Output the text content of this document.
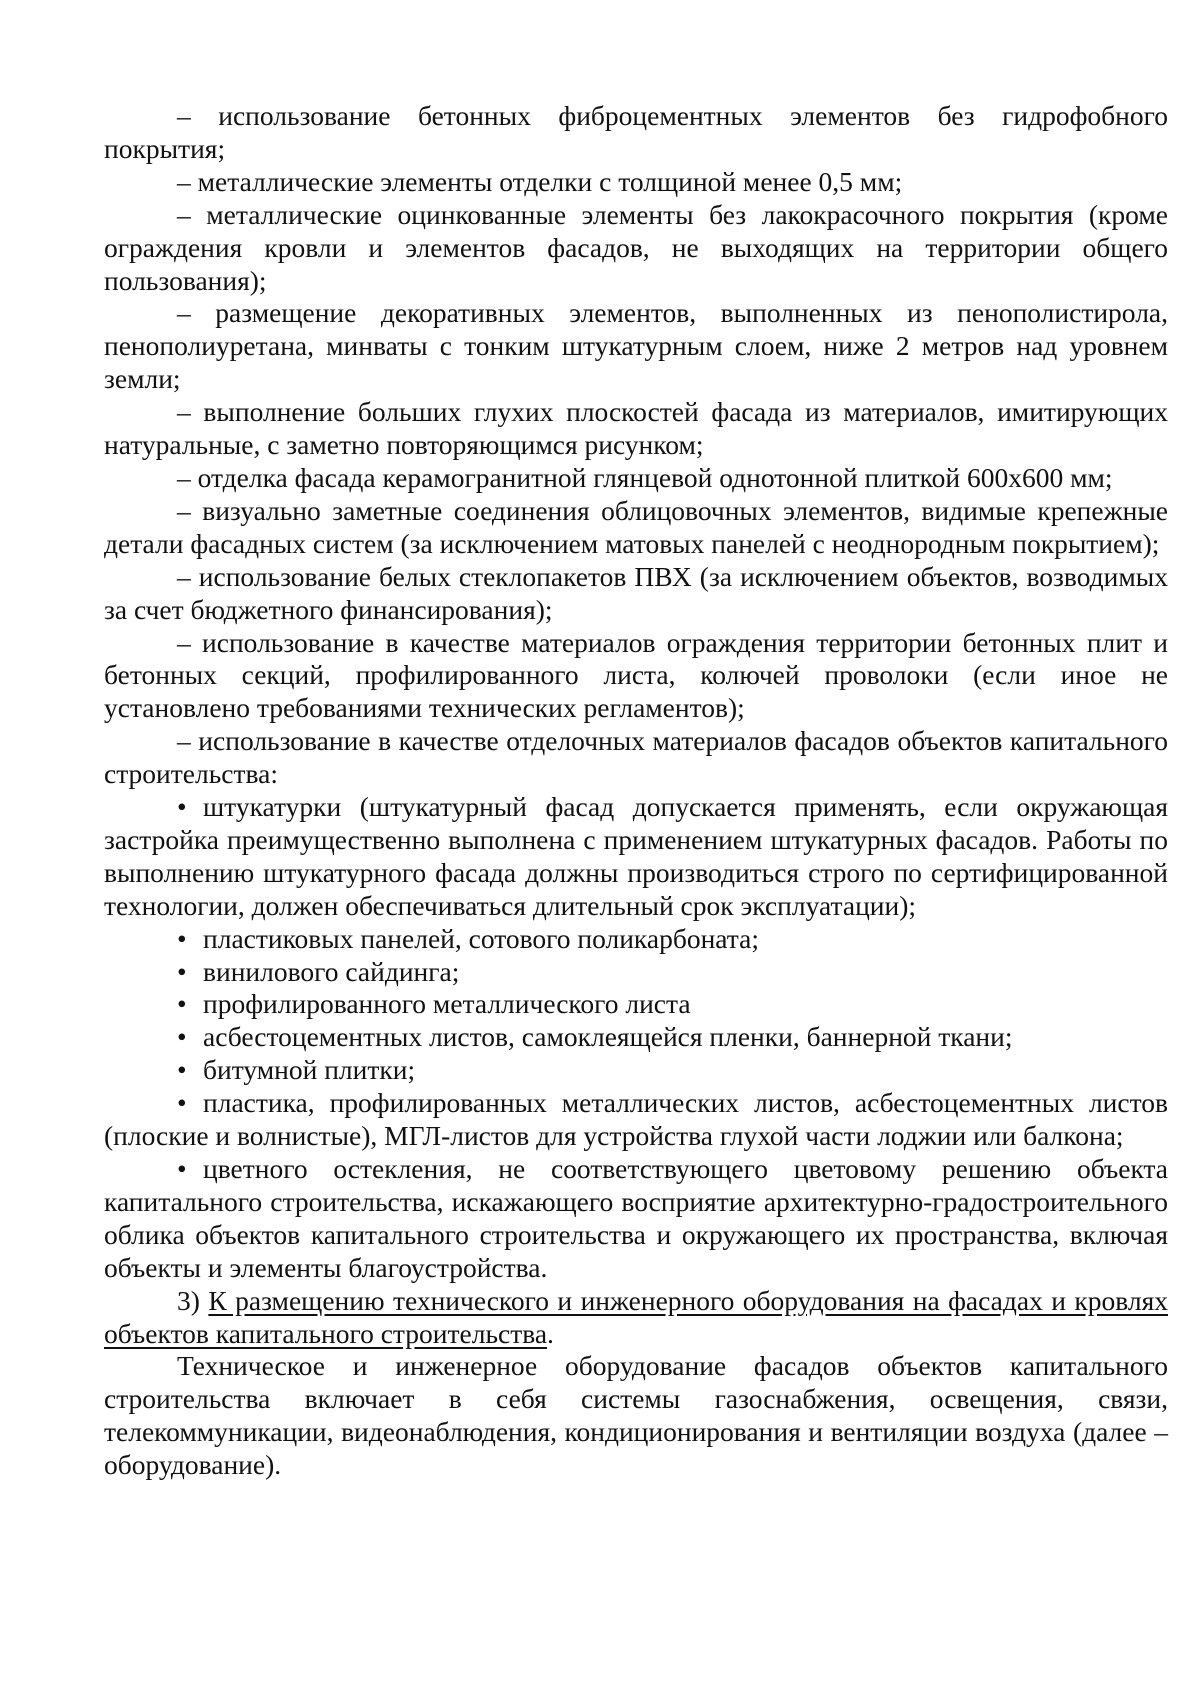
– использование бетонных фиброцементных элементов без гидрофобного покрытия;

– металлические элементы отделки с толщиной менее 0,5 мм;

– металлические оцинкованные элементы без лакокрасочного покрытия (кроме ограждения кровли и элементов фасадов, не выходящих на территории общего пользования);

– размещение декоративных элементов, выполненных из пенополистирола, пенополиуретана, минваты с тонким штукатурным слоем, ниже 2 метров над уровнем земли;

– выполнение больших глухих плоскостей фасада из материалов, имитирующих натуральные, с заметно повторяющимся рисунком;

– отделка фасада керамогранитной глянцевой однотонной плиткой 600х600 мм;

– визуально заметные соединения облицовочных элементов, видимые крепежные детали фасадных систем (за исключением матовых панелей с неоднородным покрытием);

– использование белых стеклопакетов ПВХ (за исключением объектов, возводимых за счет бюджетного финансирования);

– использование в качестве материалов ограждения территории бетонных плит и бетонных секций, профилированного листа, колючей проволоки (если иное не установлено требованиями технических регламентов);

– использование в качестве отделочных материалов фасадов объектов капитального строительства:

• штукатурки (штукатурный фасад допускается применять, если окружающая застройка преимущественно выполнена с применением штукатурных фасадов. Работы по выполнению штукатурного фасада должны производиться строго по сертифицированной технологии, должен обеспечиваться длительный срок эксплуатации);

• пластиковых панелей, сотового поликарбоната;

• винилового сайдинга;

• профилированного металлического листа

• асбестоцементных листов, самоклеящейся пленки, баннерной ткани;

• битумной плитки;

• пластика, профилированных металлических листов, асбестоцементных листов (плоские и волнистые), МГЛ-листов для устройства глухой части лоджии или балкона;

• цветного остекления, не соответствующего цветовому решению объекта капитального строительства, искажающего восприятие архитектурно-градостроительного облика объектов капитального строительства и окружающего их пространства, включая объекты и элементы благоустройства.

3) К размещению технического и инженерного оборудования на фасадах и кровлях объектов капитального строительства.

Техническое и инженерное оборудование фасадов объектов капитального строительства включает в себя системы газоснабжения, освещения, связи, телекоммуникации, видеонаблюдения, кондиционирования и вентиляции воздуха (далее – оборудование).
